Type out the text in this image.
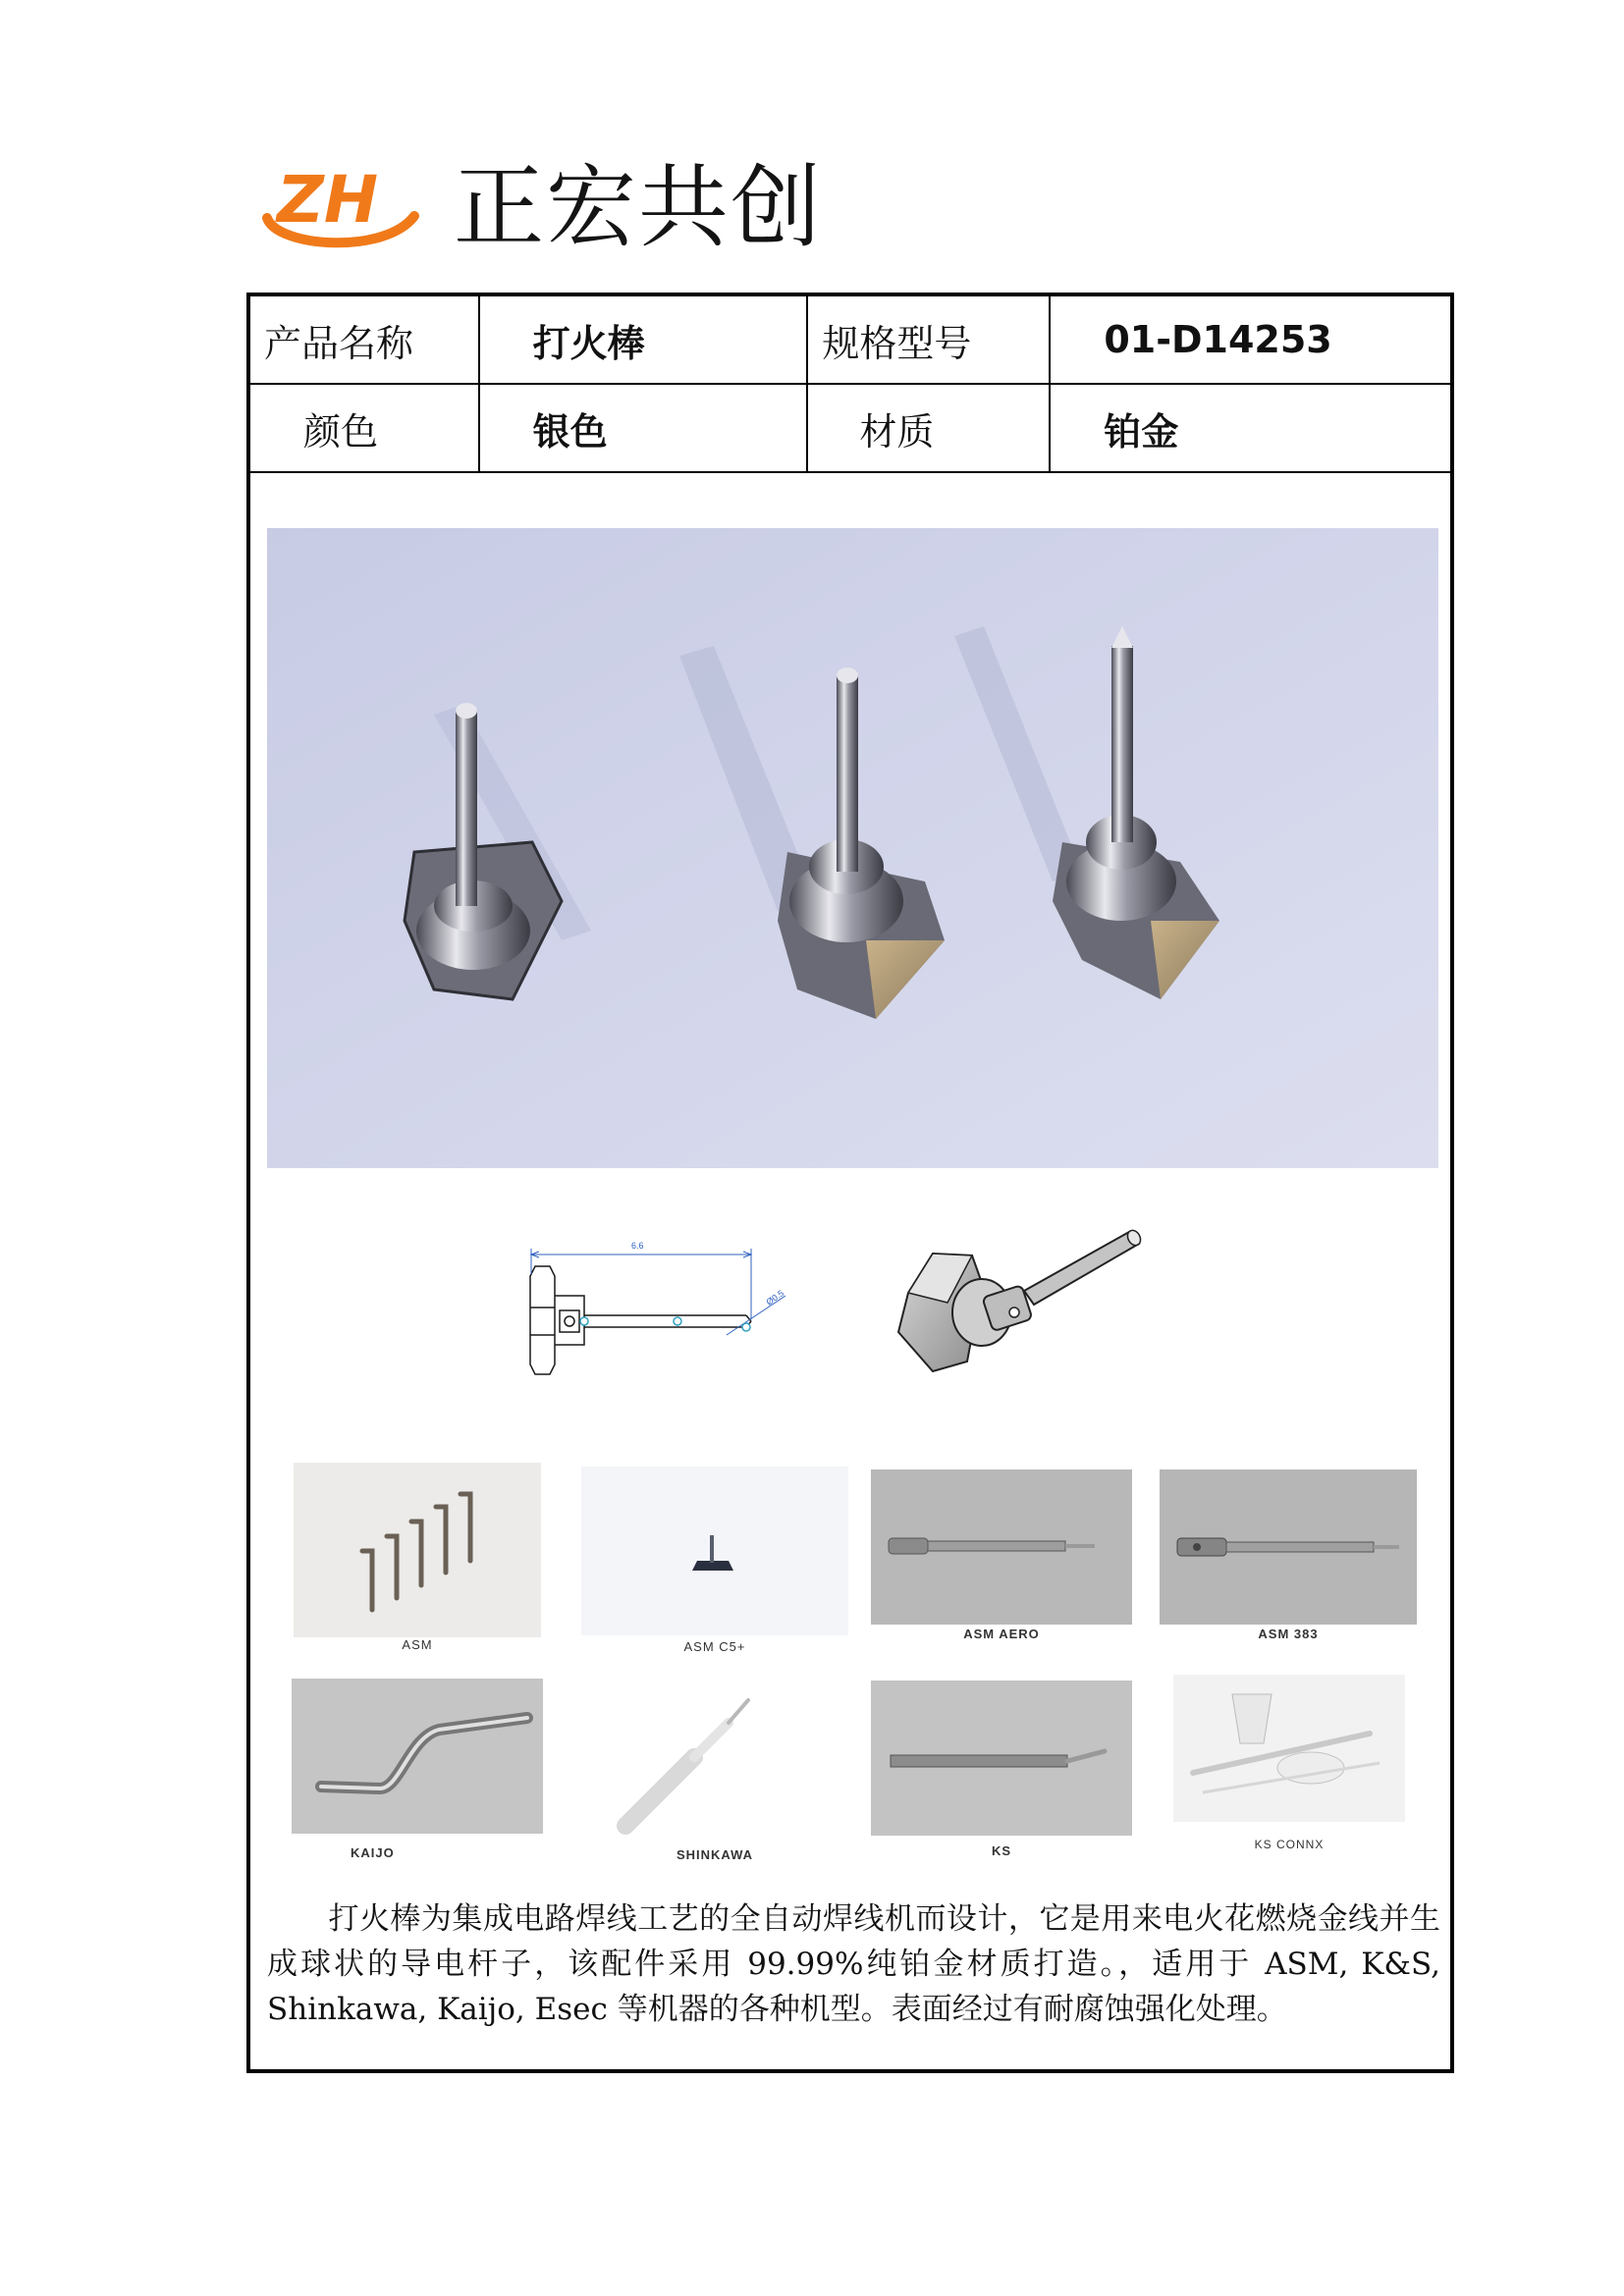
ZH 正宏共创
产品名称	打火棒	规格型号	01-D14253
颜色	银色	材质	铂金
6.6
Ø0.5
ASM	ASM C5+
ASM AERO	ASM 383
KAIJO	SHINKAWA	KS	KS CONNX
打火棒为集成电路焊线工艺的全自动焊线机而设计，它是用来电火花燃烧金线并生成球状的导电杆子，该配件采用 99.99%纯铂金材质打造。，适用于 ASM, K&S, Shinkawa, Kaijo, Esec 等机器的各种机型。表面经过有耐腐蚀强化处理。
